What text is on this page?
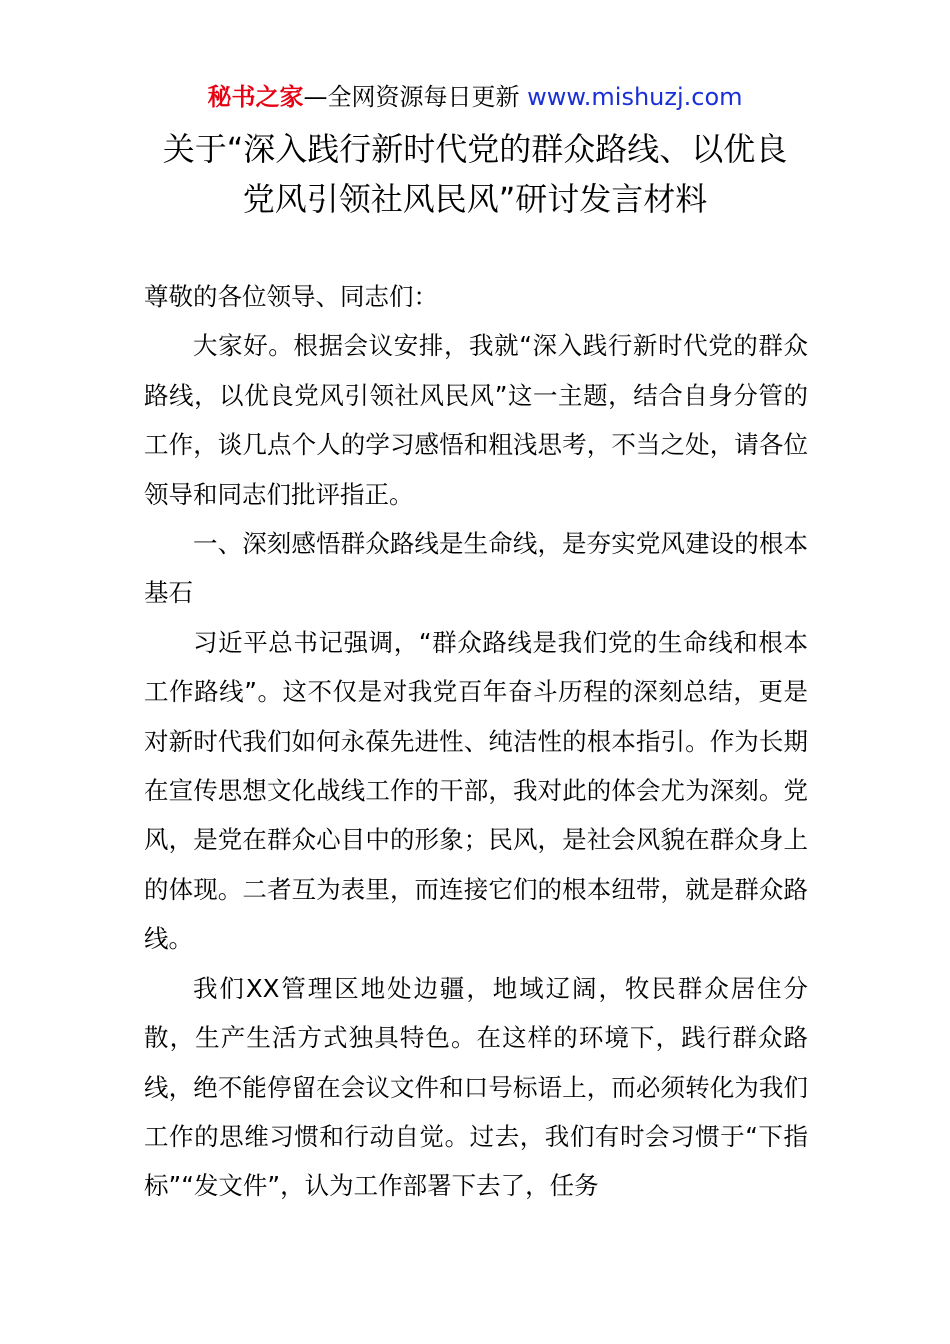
秘书之家—全网资源每日更新 www.mishuzj.com
关于“深入践行新时代党的群众路线、以优良
党风引领社风民风”研讨发言材料

尊敬的各位领导、同志们：

大家好。根据会议安排，我就“深入践行新时代党的群众路线，以优良党风引领社风民风”这一主题，结合自身分管的工作，谈几点个人的学习感悟和粗浅思考，不当之处，请各位领导和同志们批评指正。

一、深刻感悟群众路线是生命线，是夯实党风建设的根本基石

习近平总书记强调，“群众路线是我们党的生命线和根本工作路线”。这不仅是对我党百年奋斗历程的深刻总结，更是对新时代我们如何永葆先进性、纯洁性的根本指引。作为长期在宣传思想文化战线工作的干部，我对此的体会尤为深刻。党风，是党在群众心目中的形象；民风，是社会风貌在群众身上的体现。二者互为表里，而连接它们的根本纽带，就是群众路线。

我们XX管理区地处边疆，地域辽阔，牧民群众居住分散，生产生活方式独具特色。在这样的环境下，践行群众路线，绝不能停留在会议文件和口号标语上，而必须转化为我们工作的思维习惯和行动自觉。过去，我们有时会习惯于“下指标”“发文件”，认为工作部署下去了，任务
